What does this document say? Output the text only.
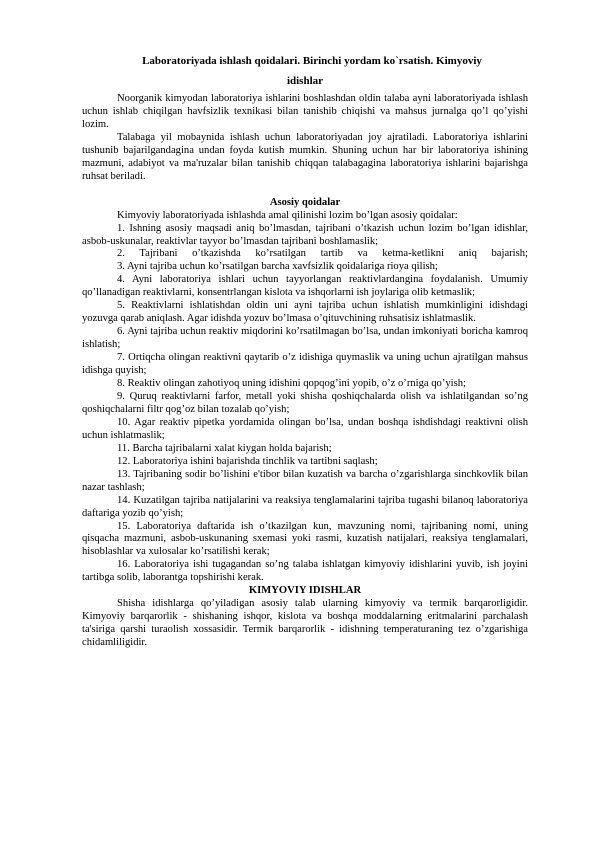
Laboratoriyada ishlash qoidalari. Birinchi yordam ko`rsatish. Kimyoviy
idishlar

Noorganik kimyodan laboratoriya ishlarini boshlashdan oldin talaba ayni laboratoriyada ishlash uchun ishlab chiqilgan havfsizlik texnikasi bilan tanishib chiqishi va mahsus jurnalga qo’l qo’yishi lozim.

Talabaga yil mobaynida ishlash uchun laboratoriyadan joy ajratiladi. Laboratoriya ishlarini tushunib bajarilgandagina undan foyda kutish mumkin. Shuning uchun har bir laboratoriya ishining mazmuni, adabiyot va ma'ruzalar bilan tanishib chiqqan talabagagina laboratoriya ishlarini bajarishga ruhsat beriladi.

Asosiy qoidalar

Kimyoviy laboratoriyada ishlashda amal qilinishi lozim bo’lgan asosiy qoidalar:

1. Ishning asosiy maqsadi aniq bo’lmasdan, tajribani o’tkazish uchun lozim bo’lgan idishlar, asbob-uskunalar, reaktivlar tayyor bo’lmasdan tajribani boshlamaslik;

2. Tajribani o’tkazishda ko’rsatilgan tartib va ketma-ketlikni aniq bajarish;

3. Ayni tajriba uchun ko’rsatilgan barcha xavfsizlik qoidalariga rioya qilish;

4. Ayni laboratoriya ishlari uchun tayyorlangan reaktivlardangina foydalanish. Umumiy qo’llanadigan reaktivlarni, konsentrlangan kislota va ishqorlarni ish joylariga olib ketmaslik;

5. Reaktivlarni ishlatishdan oldin uni ayni tajriba uchun ishlatish mumkinligini idishdagi yozuvga qarab aniqlash. Agar idishda yozuv bo’lmasa o’qituvchining ruhsatisiz ishlatmaslik.

6. Ayni tajriba uchun reaktiv miqdorini ko’rsatilmagan bo’lsa, undan imkoniyati boricha kamroq ishlatish;

7. Ortiqcha olingan reaktivni qaytarib o’z idishiga quymaslik va uning uchun ajratilgan mahsus idishga quyish;

8. Reaktiv olingan zahotiyoq uning idishini qopqog’ini yopib, o’z o’rniga qo’yish;

9. Quruq reaktivlarni farfor, metall yoki shisha qoshiqchalarda olish va ishlatilgandan so’ng qoshiqchalarni filtr qog’oz bilan tozalab qo’yish;

10. Agar reaktiv pipetka yordamida olingan bo’lsa, undan boshqa ishdishdagi reaktivni olish uchun ishlatmaslik;

11. Barcha tajribalarni xalat kiygan holda bajarish;

12. Laboratoriya ishini bajarishda tinchlik va tartibni saqlash;

13. Tajribaning sodir bo’lishini e'tibor bilan kuzatish va barcha o’zgarishlarga sinchkovlik bilan nazar tashlash;

14. Kuzatilgan tajriba natijalarini va reaksiya tenglamalarini tajriba tugashi bilanoq laboratoriya daftariga yozib qo’yish;

15. Laboratoriya daftarida ish o’tkazilgan kun, mavzuning nomi, tajribaning nomi, uning qisqacha mazmuni, asbob-uskunaning sxemasi yoki rasmi, kuzatish natijalari, reaksiya tenglamalari, hisoblashlar va xulosalar ko’rsatilishi kerak;

16. Laboratoriya ishi tugagandan so’ng talaba ishlatgan kimyoviy idishlarini yuvib, ish joyini tartibga solib, laborantga topshirishi kerak.

KIMYOVIY IDISHLAR

Shisha idishlarga qo’yiladigan asosiy talab ularning kimyoviy va termik barqarorligidir. Kimyoviy barqarorlik - shishaning ishqor, kislota va boshqa moddalarning eritmalarini parchalash ta'siriga qarshi turaolish xossasidir. Termik barqarorlik - idishning temperaturaning tez o’zgarishiga chidamliligidir.
